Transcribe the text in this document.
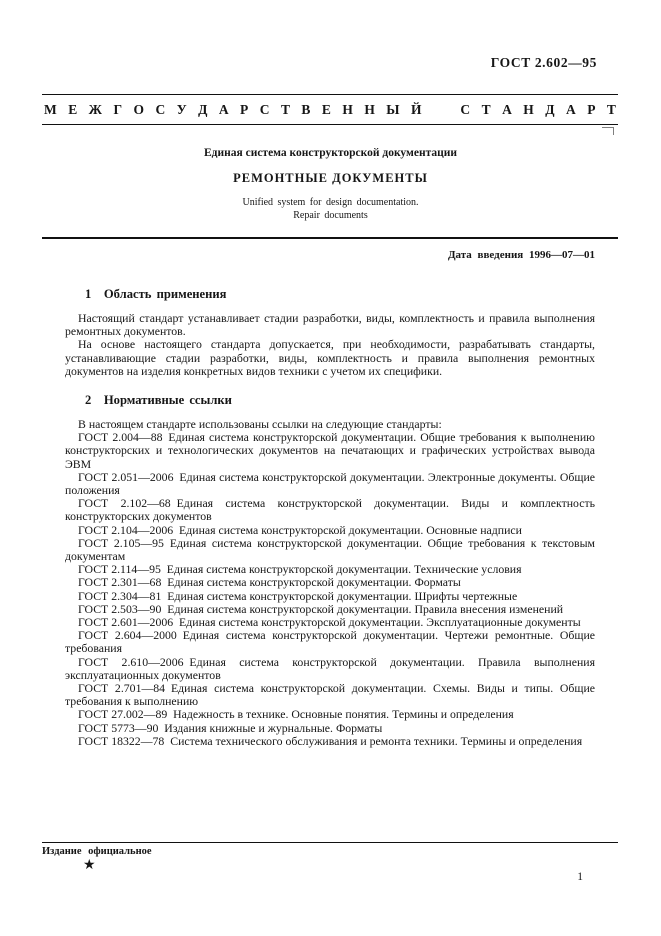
ГОСТ 2.602—95
М Е Ж Г О С У Д А Р С Т В Е Н Н Ы Й
	С Т А Н Д А Р Т
Единая система конструкторской документации
РЕМОНТНЫЕ ДОКУМЕНТЫ
Unified system for design documentation.
Repair documents
Дата введения 1996—07—01
1 Область применения

Настоящий стандарт устанавливает стадии разработки, виды, комплектность и правила выполнения ремонтных документов.

На основе настоящего стандарта допускается, при необходимости, разрабатывать стандарты, устанавливающие стадии разработки, виды, комплектность и правила выполнения ремонтных документов на изделия конкретных видов техники с учетом их специфики.

2 Нормативные ссылки

В настоящем стандарте использованы ссылки на следующие стандарты:

ГОСТ 2.004—88 Единая система конструкторской документации. Общие требования к выполнению конструкторских и технологических документов на печатающих и графических устройствах вывода ЭВМ

ГОСТ 2.051—2006 Единая система конструкторской документации. Электронные документы. Общие положения

ГОСТ 2.102—68 Единая система конструкторской документации. Виды и комплектность конструкторских документов

ГОСТ 2.104—2006 Единая система конструкторской документации. Основные надписи

ГОСТ 2.105—95 Единая система конструкторской документации. Общие требования к текстовым документам

ГОСТ 2.114—95 Единая система конструкторской документации. Технические условия

ГОСТ 2.301—68 Единая система конструкторской документации. Форматы

ГОСТ 2.304—81 Единая система конструкторской документации. Шрифты чертежные

ГОСТ 2.503—90 Единая система конструкторской документации. Правила внесения изменений

ГОСТ 2.601—2006 Единая система конструкторской документации. Эксплуатационные документы

ГОСТ 2.604—2000 Единая система конструкторской документации. Чертежи ремонтные. Общие требования

ГОСТ 2.610—2006 Единая система конструкторской документации. Правила выполнения эксплуатационных документов

ГОСТ 2.701—84 Единая система конструкторской документации. Схемы. Виды и типы. Общие требования к выполнению

ГОСТ 27.002—89 Надежность в технике. Основные понятия. Термины и определения

ГОСТ 5773—90 Издания книжные и журнальные. Форматы

ГОСТ 18322—78 Система технического обслуживания и ремонта техники. Термины и определения

Издание официальное
★
1
